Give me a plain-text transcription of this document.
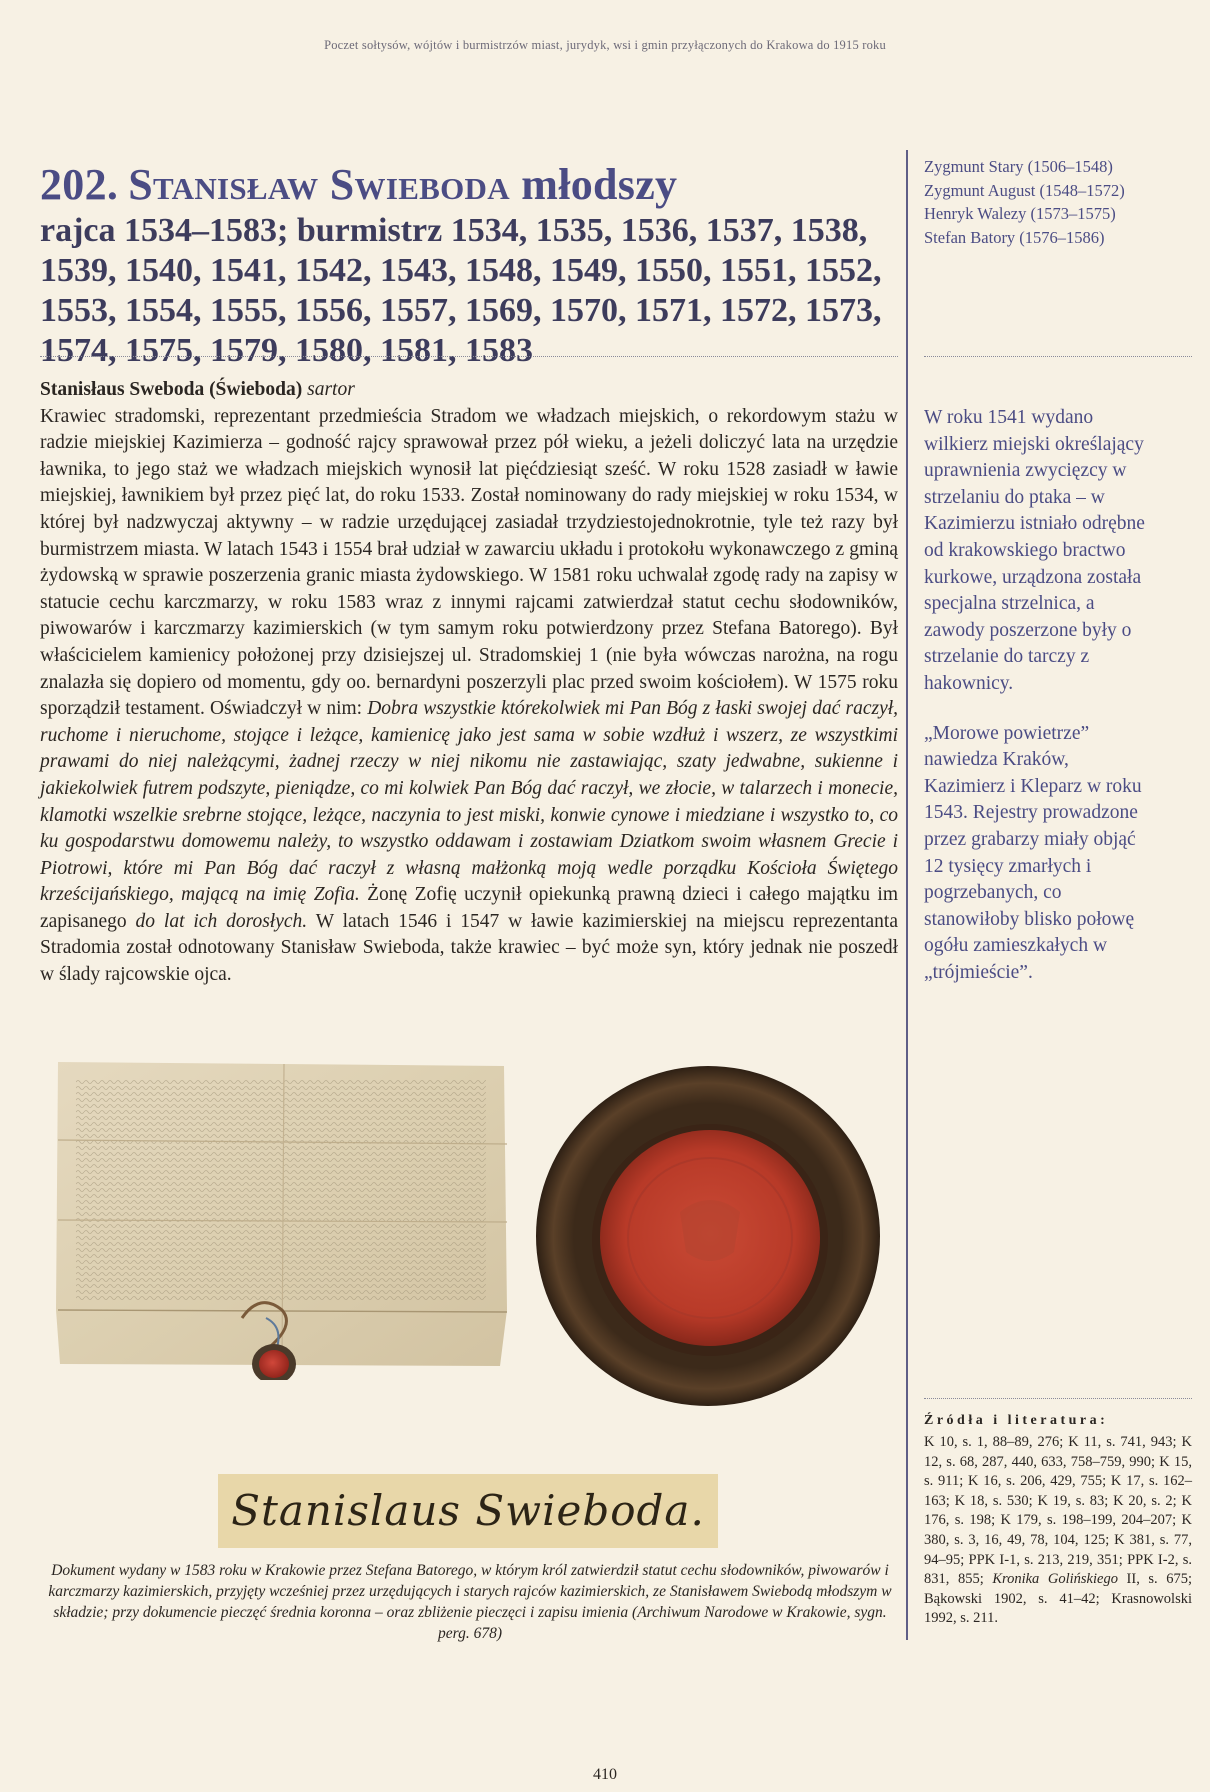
Poczet sołtysów, wójtów i burmistrzów miast, jurydyk, wsi i gmin przyłączonych do Krakowa do 1915 roku
202. Stanisław Swieboda młodszy
rajca 1534–1583; burmistrz 1534, 1535, 1536, 1537, 1538, 1539, 1540, 1541, 1542, 1543, 1548, 1549, 1550, 1551, 1552, 1553, 1554, 1555, 1556, 1557, 1569, 1570, 1571, 1572, 1573, 1574, 1575, 1579, 1580, 1581, 1583
Zygmunt Stary (1506–1548)
Zygmunt August (1548–1572)
Henryk Walezy (1573–1575)
Stefan Batory (1576–1586)
Stanisłaus Sweboda (Świeboda) sartor
Krawiec stradomski, reprezentant przedmieścia Stradom we władzach miejskich, o rekordowym stażu w radzie miejskiej Kazimierza – godność rajcy sprawował przez pół wieku, a jeżeli doliczyć lata na urzędzie ławnika, to jego staż we władzach miejskich wynosił lat pięćdziesiąt sześć. W roku 1528 zasiadł w ławie miejskiej, ławnikiem był przez pięć lat, do roku 1533. Został nominowany do rady miejskiej w roku 1534, w której był nadzwyczaj aktywny – w radzie urzędującej zasiadał trzydziestojednokrotnie, tyle też razy był burmistrzem miasta. W latach 1543 i 1554 brał udział w zawarciu układu i protokołu wykonawczego z gminą żydowską w sprawie poszerzenia granic miasta żydowskiego. W 1581 roku uchwalał zgodę rady na zapisy w statucie cechu karczmarzy, w roku 1583 wraz z innymi rajcami zatwierdzał statut cechu słodowników, piwowarów i karczmarzy kazimierskich (w tym samym roku potwierdzony przez Stefana Batorego). Był właścicielem kamienicy położonej przy dzisiejszej ul. Stradomskiej 1 (nie była wówczas narożna, na rogu znalazła się dopiero od momentu, gdy oo. bernardyni poszerzyli plac przed swoim kościołem). W 1575 roku sporządził testament. Oświadczył w nim: Dobra wszystkie którekolwiek mi Pan Bóg z łaski swojej dać raczył, ruchome i nieruchome, stojące i leżące, kamienicę jako jest sama w sobie wzdłuż i wszerz, ze wszystkimi prawami do niej należącymi, żadnej rzeczy w niej nikomu nie zastawiając, szaty jedwabne, sukienne i jakiekolwiek futrem podszyte, pieniądze, co mi kolwiek Pan Bóg dać raczył, we złocie, w talarzech i monecie, klamotki wszelkie srebrne stojące, leżące, naczynia to jest miski, konwie cynowe i miedziane i wszystko to, co ku gospodarstwu domowemu należy, to wszystko oddawam i zostawiam Dziatkom swoim własnem Grecie i Piotrowi, które mi Pan Bóg dać raczył z własną małżonką moją wedle porządku Kościoła Świętego krześcijańskiego, mającą na imię Zofia. Żonę Zofię uczynił opiekunką prawną dzieci i całego majątku im zapisanego do lat ich dorosłych. W latach 1546 i 1547 w ławie kazimierskiej na miejscu reprezentanta Stradomia został odnotowany Stanisław Swieboda, także krawiec – być może syn, który jednak nie poszedł w ślady rajcowskie ojca.

W roku 1541 wydano wilkierz miejski określający uprawnienia zwycięzcy w strzelaniu do ptaka – w Kazimierzu istniało odrębne od krakowskiego bractwo kurkowe, urządzona została specjalna strzelnica, a zawody poszerzone były o strzelanie do tarczy z hakownicy.

„Morowe powietrze” nawiedza Kraków, Kazimierz i Kleparz w roku 1543. Rejestry prowadzone przez grabarzy miały objąć 12 tysięcy zmarłych i pogrzebanych, co stanowiłoby blisko połowę ogółu zamieszkałych w „trójmieście”.

Stanislaus Swieboda.
Dokument wydany w 1583 roku w Krakowie przez Stefana Batorego, w którym król zatwierdził statut cechu słodowników, piwowarów i karczmarzy kazimierskich, przyjęty wcześniej przez urzędujących i starych rajców kazimierskich, ze Stanisławem Swiebodą młodszym w składzie; przy dokumencie pieczęć średnia koronna – oraz zbliżenie pieczęci i zapisu imienia (Archiwum Narodowe w Krakowie, sygn. perg. 678)
Źródła i literatura:
K 10, s. 1, 88–89, 276; K 11, s. 741, 943; K 12, s. 68, 287, 440, 633, 758–759, 990; K 15, s. 911; K 16, s. 206, 429, 755; K 17, s. 162–163; K 18, s. 530; K 19, s. 83; K 20, s. 2; K 176, s. 198; K 179, s. 198–199, 204–207; K 380, s. 3, 16, 49, 78, 104, 125; K 381, s. 77, 94–95; PPK I-1, s. 213, 219, 351; PPK I-2, s. 831, 855; Kronika Golińskiego II, s. 675; Bąkowski 1902, s. 41–42; Krasnowolski 1992, s. 211.
410
